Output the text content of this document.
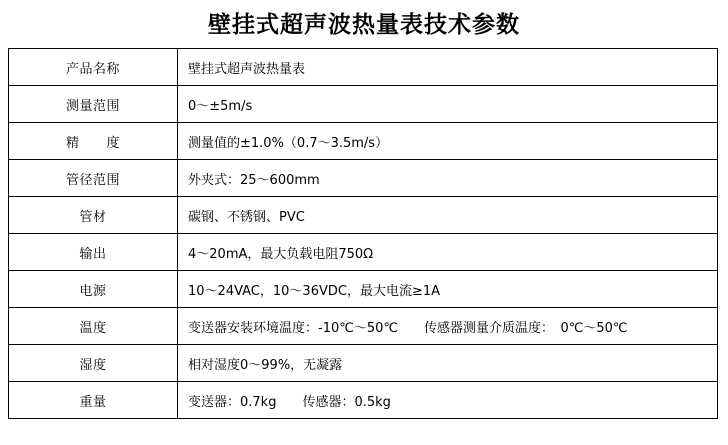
壁挂式超声波热量表技术参数
产品名称	壁挂式超声波热量表
测量范围	0～±5m/s
精　　度	测量值的±1.0%（0.7～3.5m/s）
管径范围	外夹式：25～600mm
管材	碳钢、不锈钢、PVC
输出	4～20mA，最大负载电阻750Ω
电源	10～24VAC，10～36VDC，最大电流≥1A
温度	变送器安装环境温度：-10℃～50℃　　传感器测量介质温度：　0℃～50℃
湿度	相对湿度0～99%，无凝露
重量	变送器：0.7kg　　传感器：0.5kg
